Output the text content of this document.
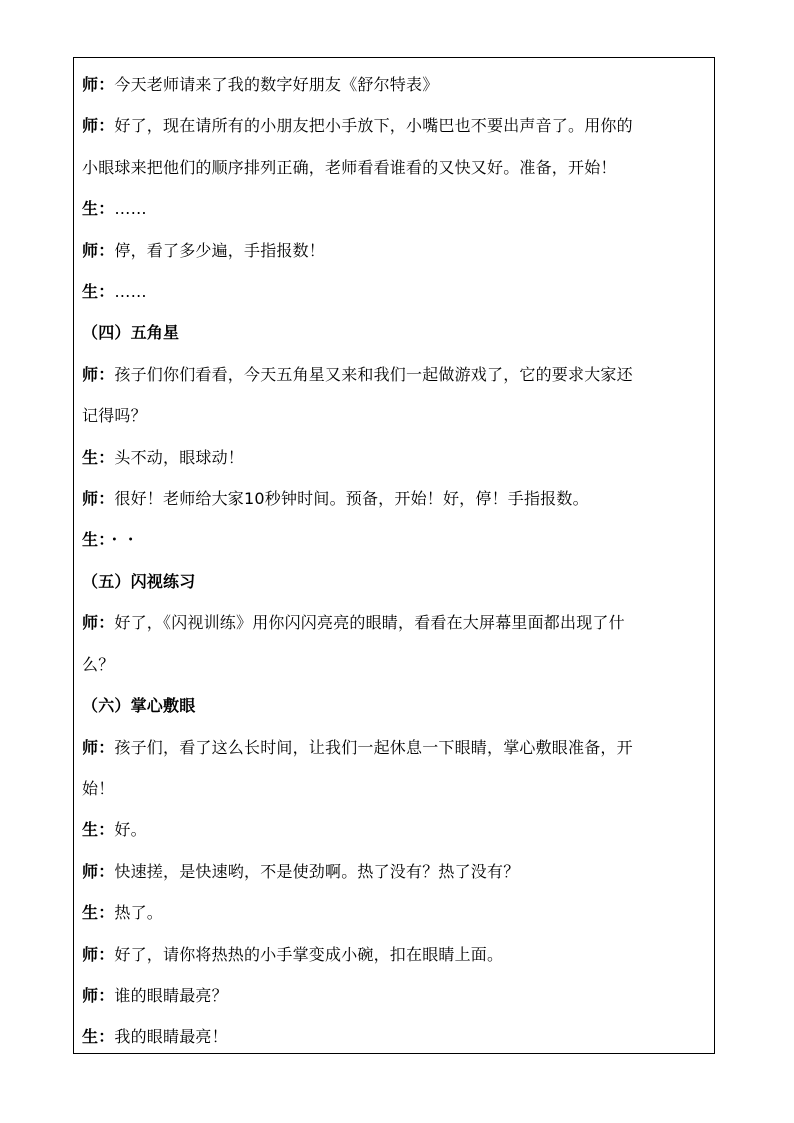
师：今天老师请来了我的数字好朋友《舒尔特表》
师：好了，现在请所有的小朋友把小手放下，小嘴巴也不要出声音了。用你的
小眼球来把他们的顺序排列正确，老师看看谁看的又快又好。准备，开始！
生：……
师：停，看了多少遍，手指报数！
生：……
（四）五角星
师：孩子们你们看看，今天五角星又来和我们一起做游戏了，它的要求大家还
记得吗？
生：头不动，眼球动！
师：很好！老师给大家10秒钟时间。预备，开始！好，停！手指报数。
生：・・
（五）闪视练习
师：好了，《闪视训练》用你闪闪亮亮的眼睛，看看在大屏幕里面都出现了什
么？
（六）掌心敷眼
师：孩子们，看了这么长时间，让我们一起休息一下眼睛，掌心敷眼准备，开
始！
生：好。
师：快速搓，是快速哟，不是使劲啊。热了没有？热了没有？
生：热了。
师：好了，请你将热热的小手掌变成小碗，扣在眼睛上面。
师：谁的眼睛最亮？
生：我的眼睛最亮！
